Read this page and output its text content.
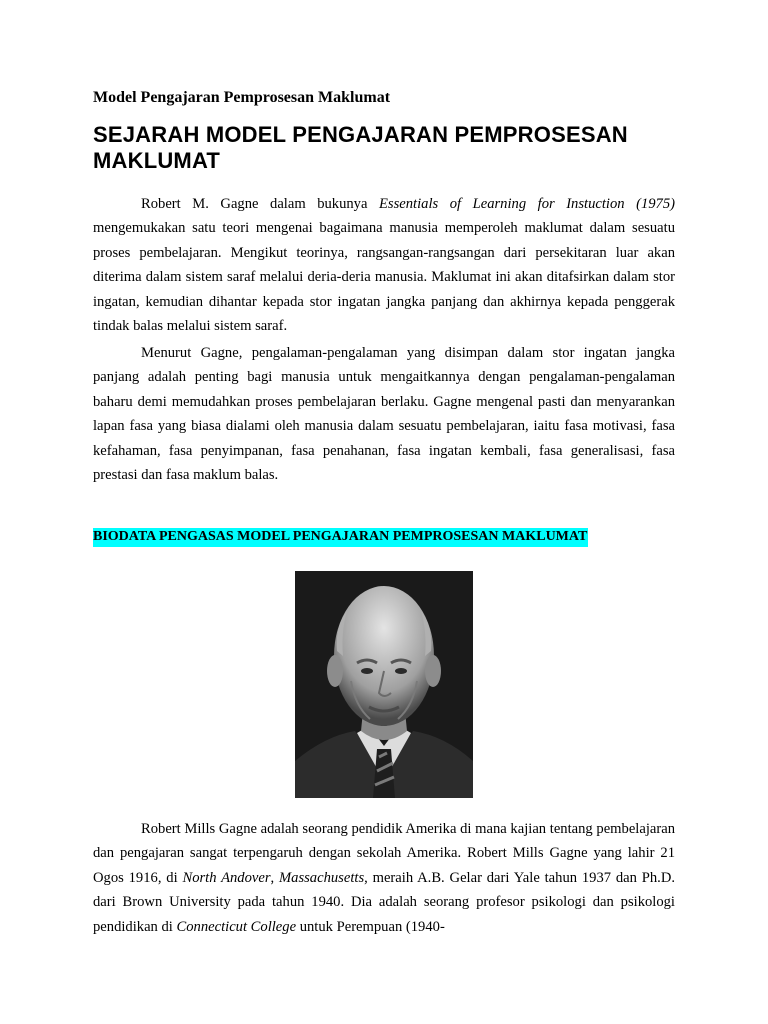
Model Pengajaran Pemprosesan Maklumat
SEJARAH MODEL PENGAJARAN PEMPROSESAN MAKLUMAT

Robert M. Gagne dalam bukunya Essentials of Learning for Instuction (1975) mengemukakan satu teori mengenai bagaimana manusia memperoleh maklumat dalam sesuatu proses pembelajaran. Mengikut teorinya, rangsangan-rangsangan dari persekitaran luar akan diterima dalam sistem saraf melalui deria-deria manusia. Maklumat ini akan ditafsirkan dalam stor ingatan, kemudian dihantar kepada stor ingatan jangka panjang dan akhirnya kepada penggerak tindak balas melalui sistem saraf.

Menurut Gagne, pengalaman-pengalaman yang disimpan dalam stor ingatan jangka panjang adalah penting bagi manusia untuk mengaitkannya dengan pengalaman-pengalaman baharu demi memudahkan proses pembelajaran berlaku. Gagne mengenal pasti dan menyarankan lapan fasa yang biasa dialami oleh manusia dalam sesuatu pembelajaran, iaitu fasa motivasi, fasa kefahaman, fasa penyimpanan, fasa penahanan, fasa ingatan kembali, fasa generalisasi, fasa prestasi dan fasa maklum balas.

BIODATA PENGASAS MODEL PENGAJARAN PEMPROSESAN MAKLUMAT

Robert Mills Gagne adalah seorang pendidik Amerika di mana kajian tentang pembelajaran dan pengajaran sangat terpengaruh dengan sekolah Amerika. Robert Mills Gagne yang lahir 21 Ogos 1916, di North Andover, Massachusetts, meraih A.B. Gelar dari Yale tahun 1937 dan Ph.D. dari Brown University pada tahun 1940. Dia adalah seorang profesor psikologi dan psikologi pendidikan di Connecticut College untuk Perempuan (1940-
